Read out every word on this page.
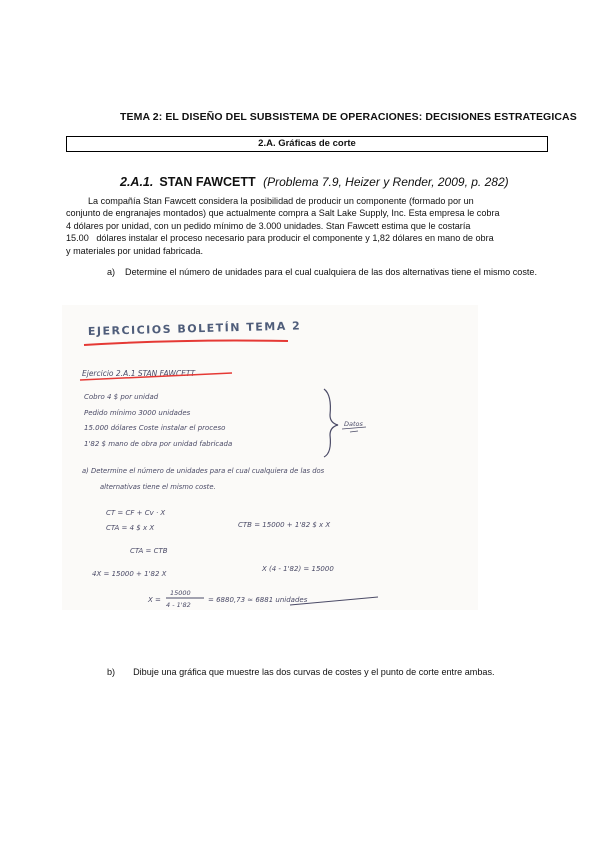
TEMA 2: EL DISEÑO DEL SUBSISTEMA DE OPERACIONES: DECISIONES ESTRATEGICAS
2.A. Gráficas de corte
2.A.1. STAN FAWCETT (Problema 7.9, Heizer y Render, 2009, p. 282)
La compañía Stan Fawcett considera la posibilidad de producir un componente (formado por un
conjunto de engranajes montados) que actualmente compra a Salt Lake Supply, Inc. Esta empresa le cobra
4 dólares por unidad, con un pedido mínimo de 3.000 unidades. Stan Fawcett estima que le costaría
15.00   dólares instalar el proceso necesario para producir el componente y 1,82 dólares en mano de obra
y materiales por unidad fabricada.
a) Determine el número de unidades para el cual cualquiera de las dos alternativas tiene el mismo coste.
EJERCICIOS BOLETÍN TEMA 2
Ejercicio 2.A.1 STAN FAWCETT
Cobro 4 $ por unidad
Pedido mínimo 3000 unidades
15.000 dólares Coste instalar el proceso
1'82 $ mano de obra por unidad fabricada
Datos
a) Determine el número de unidades para el cual cualquiera de las dos
alternativas tiene el mismo coste.
CT = CF + Cv · X
CTA = 4 $ x X	CTB = 15000 + 1'82 $ x X
CTA = CTB
4X = 15000 + 1'82 X
X (4 - 1'82) = 15000
X =
15000
4 - 1'82
= 6880,73 ≃ 6881 unidades
b) Dibuje una gráfica que muestre las dos curvas de costes y el punto de corte entre ambas.
